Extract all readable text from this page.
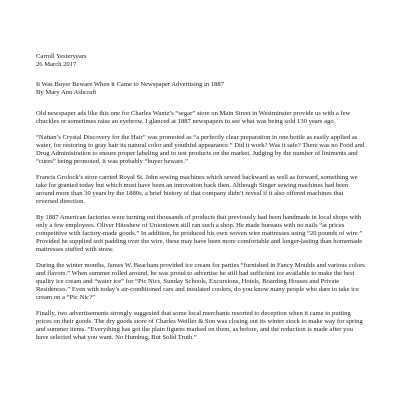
Carroll Yesteryears
26 March 2017
It Was Buyer Beware When it Came to Newspaper Advertising in 1887
By Mary Ann Ashcraft

Old newspaper ads like this one for Charles Wantz’s “segar” store on Main Street in Westminster provide us with a few chuckles or sometimes raise an eyebrow. I glanced at 1887 newspapers to see what was being sold 130 years ago.

“Nattan’s Crystal Discovery for the Hair” was promoted as “a perfectly clear preparation in one bottle as easily applied as water, for restoring to gray hair its natural color and youthful appearance.” Did it work? Was it safe? There was no Food and Drug Administration to ensure proper labeling and to test products on the market. Judging by the number of liniments and “cures” being promoted, it was probably “buyer beware.”

Francis Grolock’s store carried Royal St. John sewing machines which sewed backward as well as forward, something we take for granted today but which must have been an innovation back then. Although Singer sewing machines had been around more than 30 years by the 1880s, a brief history of that company didn’t reveal if it also offered machines that reversed direction.

By 1887 American factories were turning out thousands of products that previously had been handmade in local shops with only a few employees. Oliver Hiteshew of Uniontown still ran such a shop. He made bureaus with no nails “at prices competitive with factory-made goods.” In addition, he produced his own woven wire mattresses using “20 pounds of wire.” Provided he supplied soft padding over the wire, these may have been more comfortable and longer-lasting than homemade mattresses stuffed with straw.

During the winter months, James W. Beacham provided ice cream for parties “furnished in Fancy Moulds and various colors and flavors.” When summer rolled around, he was proud to advertise he still had sufficient ice available to make the best quality ice cream and “water ice” for “Pic Nics, Sunday Schools, Excursions, Hotels, Boarding Houses and Private Residences.” Even with today’s air-conditioned cars and insulated coolers, do you know many people who dare to take ice cream on a “Pic Nic?”

Finally, two advertisements strongly suggested that some local merchants resorted to deception when it came to putting prices on their goods. The dry goods store of Charles Weiller & Son was closing out its winter stock to make way for spring and summer items. “Everything has got the plain figures marked on them, as before, and the reduction is made after you have selected what you want. No Humbug, But Solid Truth.”
